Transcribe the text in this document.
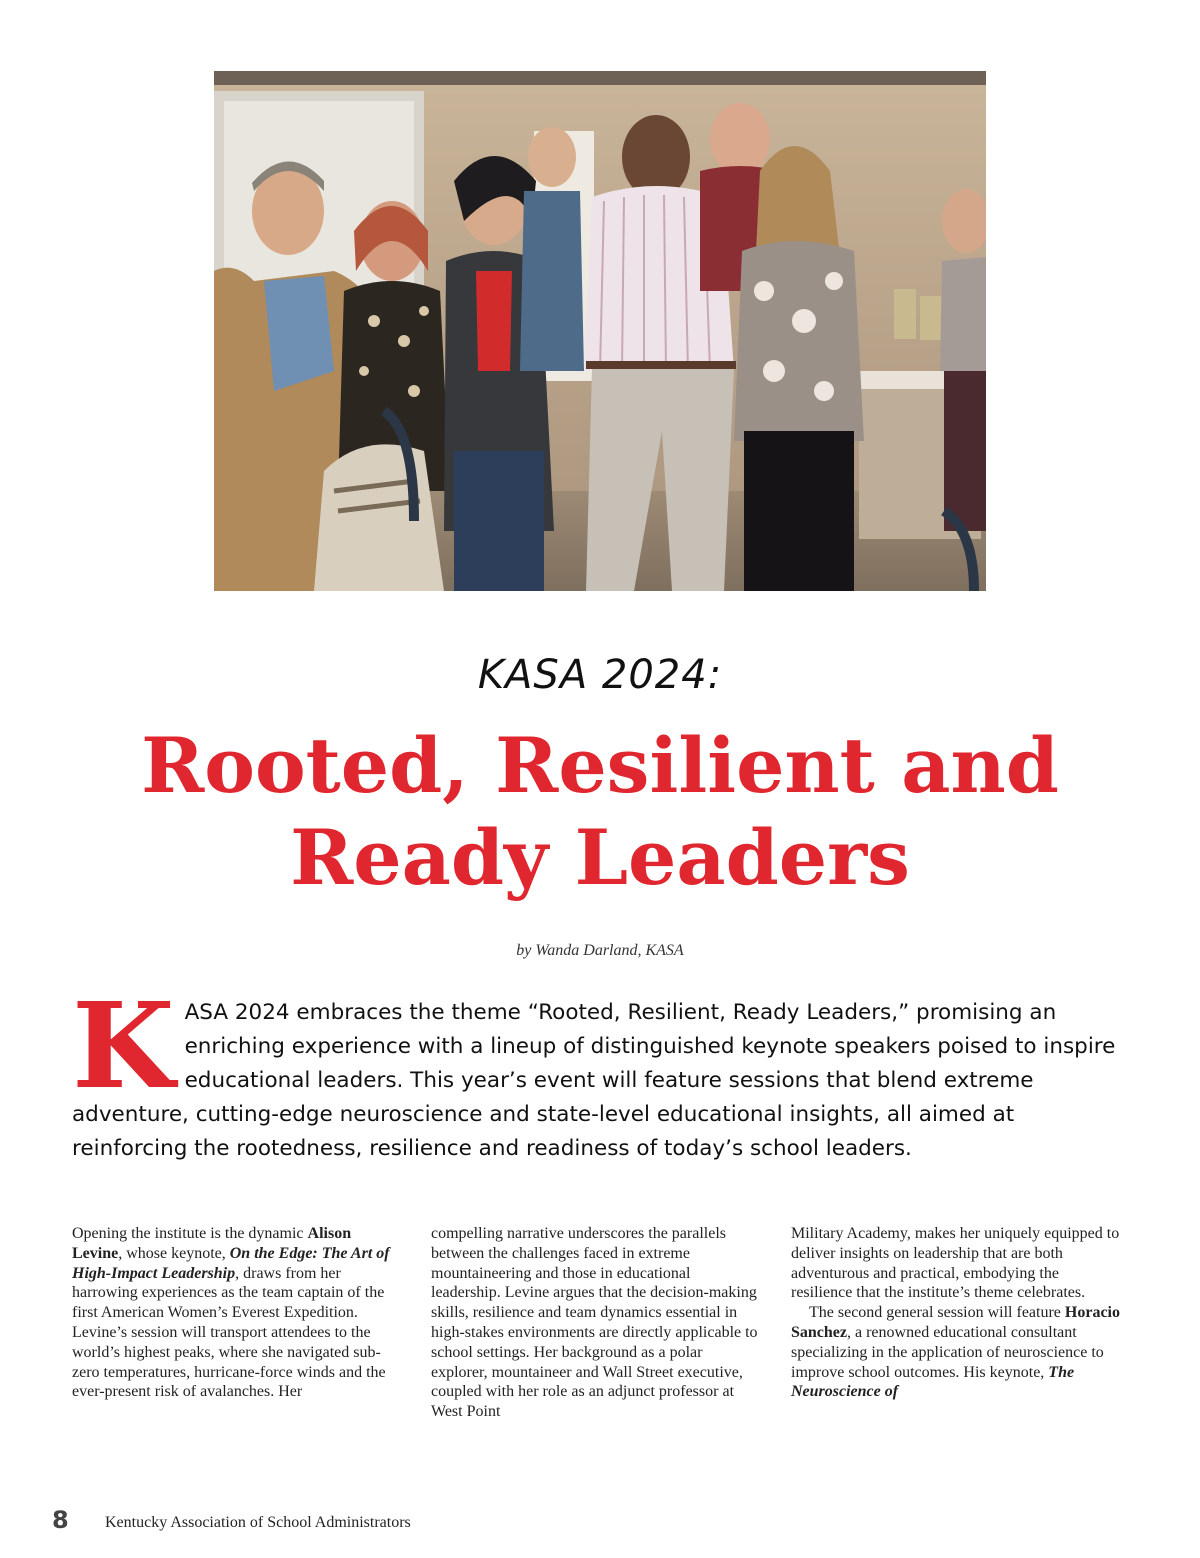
KASA 2024:
Rooted, Resilient and
Ready Leaders
by Wanda Darland, KASA
K ASA 2024 embraces the theme “Rooted, Resilient, Ready Leaders,” promising an enriching experience with a lineup of distinguished keynote speakers poised to inspire educational leaders. This year’s event will feature sessions that blend extreme adventure, cutting-edge neuroscience and state-level educational insights, all aimed at reinforcing the rootedness, resilience and readiness of today’s school leaders.

Opening the institute is the dynamic Alison Levine, whose keynote, On the Edge: The Art of High-Impact Leadership, draws from her harrowing experiences as the team captain of the first American Women’s Everest Expedition. Levine’s session will transport attendees to the world’s highest peaks, where she navigated sub-zero temperatures, hurricane-force winds and the ever-present risk of avalanches. Her

compelling narrative underscores the parallels between the challenges faced in extreme mountaineering and those in educational leadership. Levine argues that the decision-making skills, resilience and team dynamics essential in high-stakes environments are directly applicable to school settings. Her background as a polar explorer, mountaineer and Wall Street executive, coupled with her role as an adjunct professor at West Point

Military Academy, makes her uniquely equipped to deliver insights on leadership that are both adventurous and practical, embodying the resilience that the institute’s theme celebrates.

The second general session will feature Horacio Sanchez, a renowned educational consultant specializing in the application of neuroscience to improve school outcomes. His keynote, The Neuroscience of

8 Kentucky Association of School Administrators
